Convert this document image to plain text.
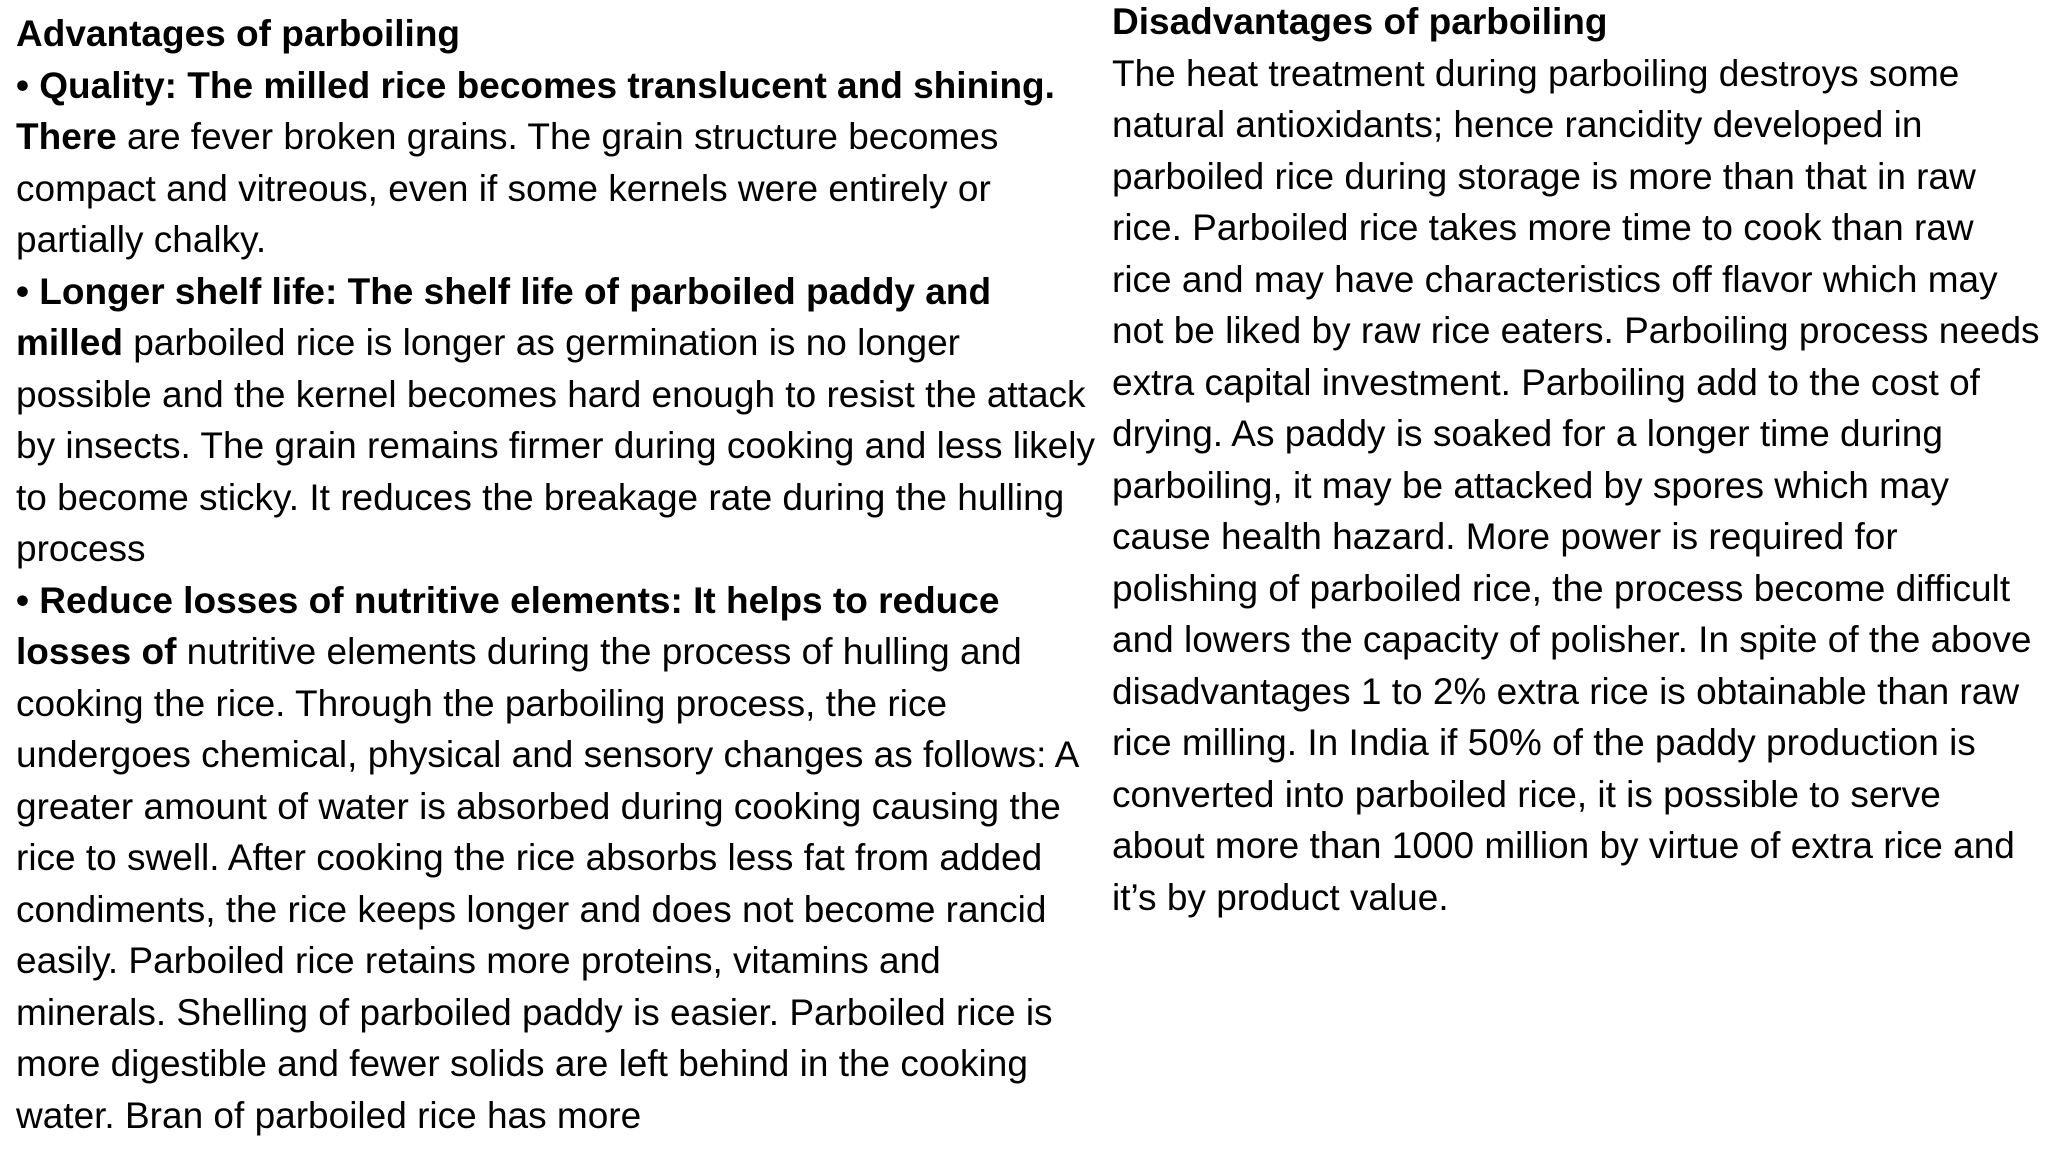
Advantages of parboiling

• Quality: The milled rice becomes translucent and shining. There are fever broken grains. The grain structure becomes compact and vitreous, even if some kernels were entirely or partially chalky.

• Longer shelf life: The shelf life of parboiled paddy and milled parboiled rice is longer as germination is no longer possible and the kernel becomes hard enough to resist the attack by insects. The grain remains firmer during cooking and less likely to become sticky. It reduces the breakage rate during the hulling process

• Reduce losses of nutritive elements: It helps to reduce losses of nutritive elements during the process of hulling and cooking the rice. Through the parboiling process, the rice undergoes chemical, physical and sensory changes as follows: A greater amount of water is absorbed during cooking causing the rice to swell. After cooking the rice absorbs less fat from added condiments, the rice keeps longer and does not become rancid easily. Parboiled rice retains more proteins, vitamins and minerals. Shelling of parboiled paddy is easier. Parboiled rice is more digestible and fewer solids are left behind in the cooking water. Bran of parboiled rice has more

Disadvantages of parboiling

The heat treatment during parboiling destroys some natural antioxidants; hence rancidity developed in parboiled rice during storage is more than that in raw rice. Parboiled rice takes more time to cook than raw rice and may have characteristics off flavor which may not be liked by raw rice eaters. Parboiling process needs extra capital investment. Parboiling add to the cost of drying. As paddy is soaked for a longer time during parboiling, it may be attacked by spores which may cause health hazard. More power is required for polishing of parboiled rice, the process become difficult and lowers the capacity of polisher. In spite of the above disadvantages 1 to 2% extra rice is obtainable than raw rice milling. In India if 50% of the paddy production is converted into parboiled rice, it is possible to serve about more than 1000 million by virtue of extra rice and it’s by product value.
